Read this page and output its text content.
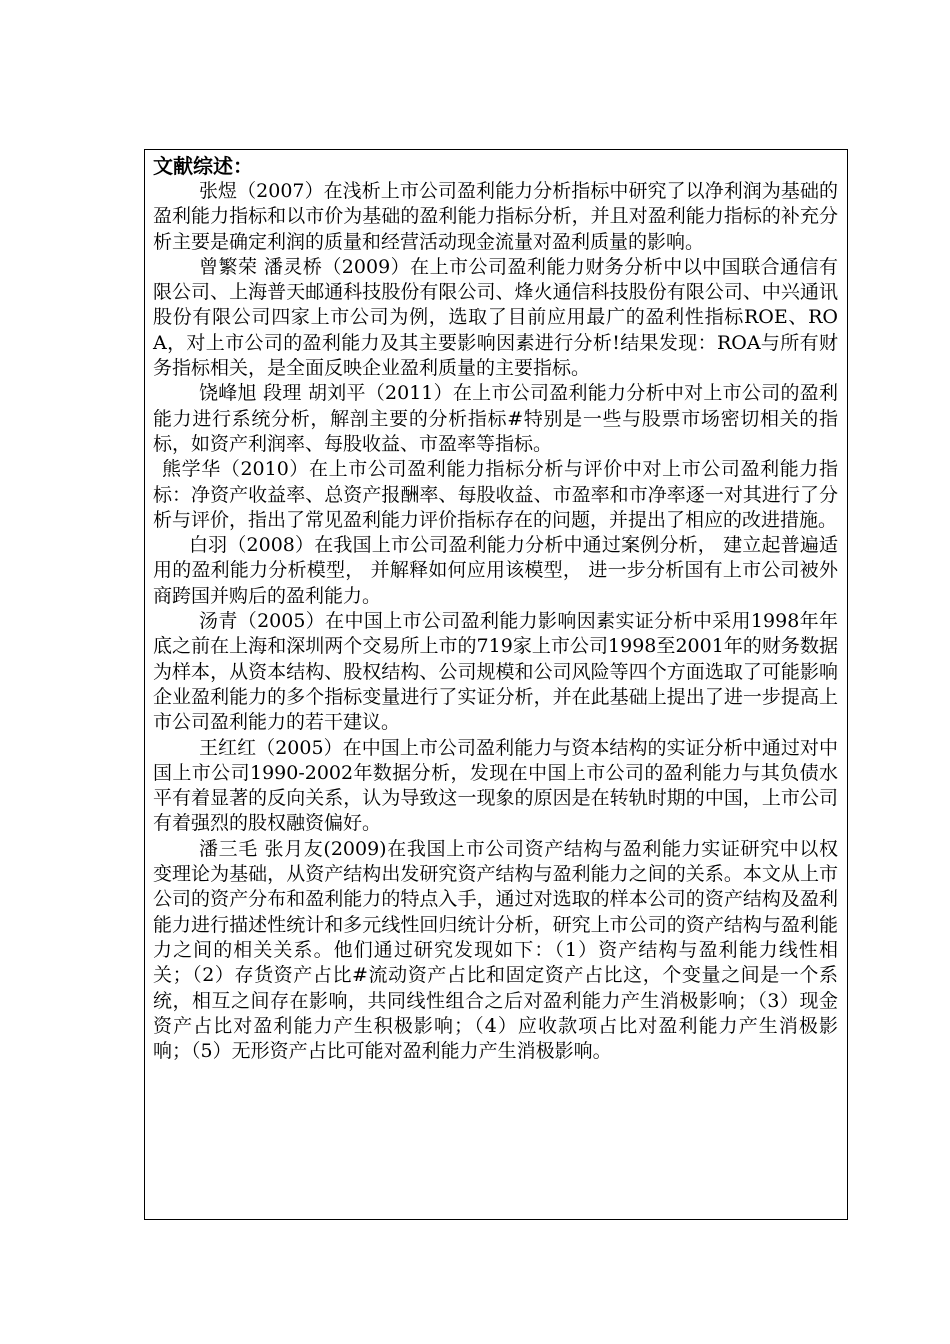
文献综述：

张煜（2007）在浅析上市公司盈利能力分析指标中研究了以净利润为基础的盈利能力指标和以市价为基础的盈利能力指标分析，并且对盈利能力指标的补充分析主要是确定利润的质量和经营活动现金流量对盈利质量的影响。

曾繁荣 潘灵桥（2009）在上市公司盈利能力财务分析中以中国联合通信有限公司、上海普天邮通科技股份有限公司、烽火通信科技股份有限公司、中兴通讯股份有限公司四家上市公司为例，选取了目前应用最广的盈利性指标ROE、ROA，对上市公司的盈利能力及其主要影响因素进行分析!结果发现：ROA与所有财务指标相关，是全面反映企业盈利质量的主要指标。

饶峰旭 段理 胡刘平（2011）在上市公司盈利能力分析中对上市公司的盈利能力进行系统分析，解剖主要的分析指标#特别是一些与股票市场密切相关的指标，如资产利润率、每股收益、市盈率等指标。

熊学华（2010）在上市公司盈利能力指标分析与评价中对上市公司盈利能力指标：净资产收益率、总资产报酬率、每股收益、市盈率和市净率逐一对其进行了分析与评价，指出了常见盈利能力评价指标存在的问题，并提出了相应的改进措施。

白羽（2008）在我国上市公司盈利能力分析中通过案例分析， 建立起普遍适用的盈利能力分析模型， 并解释如何应用该模型， 进一步分析国有上市公司被外商跨国并购后的盈利能力。

汤青（2005）在中国上市公司盈利能力影响因素实证分析中采用1998年年底之前在上海和深圳两个交易所上市的719家上市公司1998至2001年的财务数据为样本，从资本结构、股权结构、公司规模和公司风险等四个方面选取了可能影响企业盈利能力的多个指标变量进行了实证分析，并在此基础上提出了进一步提高上市公司盈利能力的若干建议。

王红红（2005）在中国上市公司盈利能力与资本结构的实证分析中通过对中国上市公司1990-2002年数据分析，发现在中国上市公司的盈利能力与其负债水平有着显著的反向关系，认为导致这一现象的原因是在转轨时期的中国，上市公司有着强烈的股权融资偏好。

潘三毛 张月友(2009)在我国上市公司资产结构与盈利能力实证研究中以权变理论为基础，从资产结构出发研究资产结构与盈利能力之间的关系。本文从上市公司的资产分布和盈利能力的特点入手，通过对选取的样本公司的资产结构及盈利能力进行描述性统计和多元线性回归统计分析，研究上市公司的资产结构与盈利能力之间的相关关系。他们通过研究发现如下：（1）资产结构与盈利能力线性相关；（2）存货资产占比#流动资产占比和固定资产占比这，个变量之间是一个系统，相互之间存在影响，共同线性组合之后对盈利能力产生消极影响；（3）现金资产占比对盈利能力产生积极影响；（4）应收款项占比对盈利能力产生消极影响；（5）无形资产占比可能对盈利能力产生消极影响。
